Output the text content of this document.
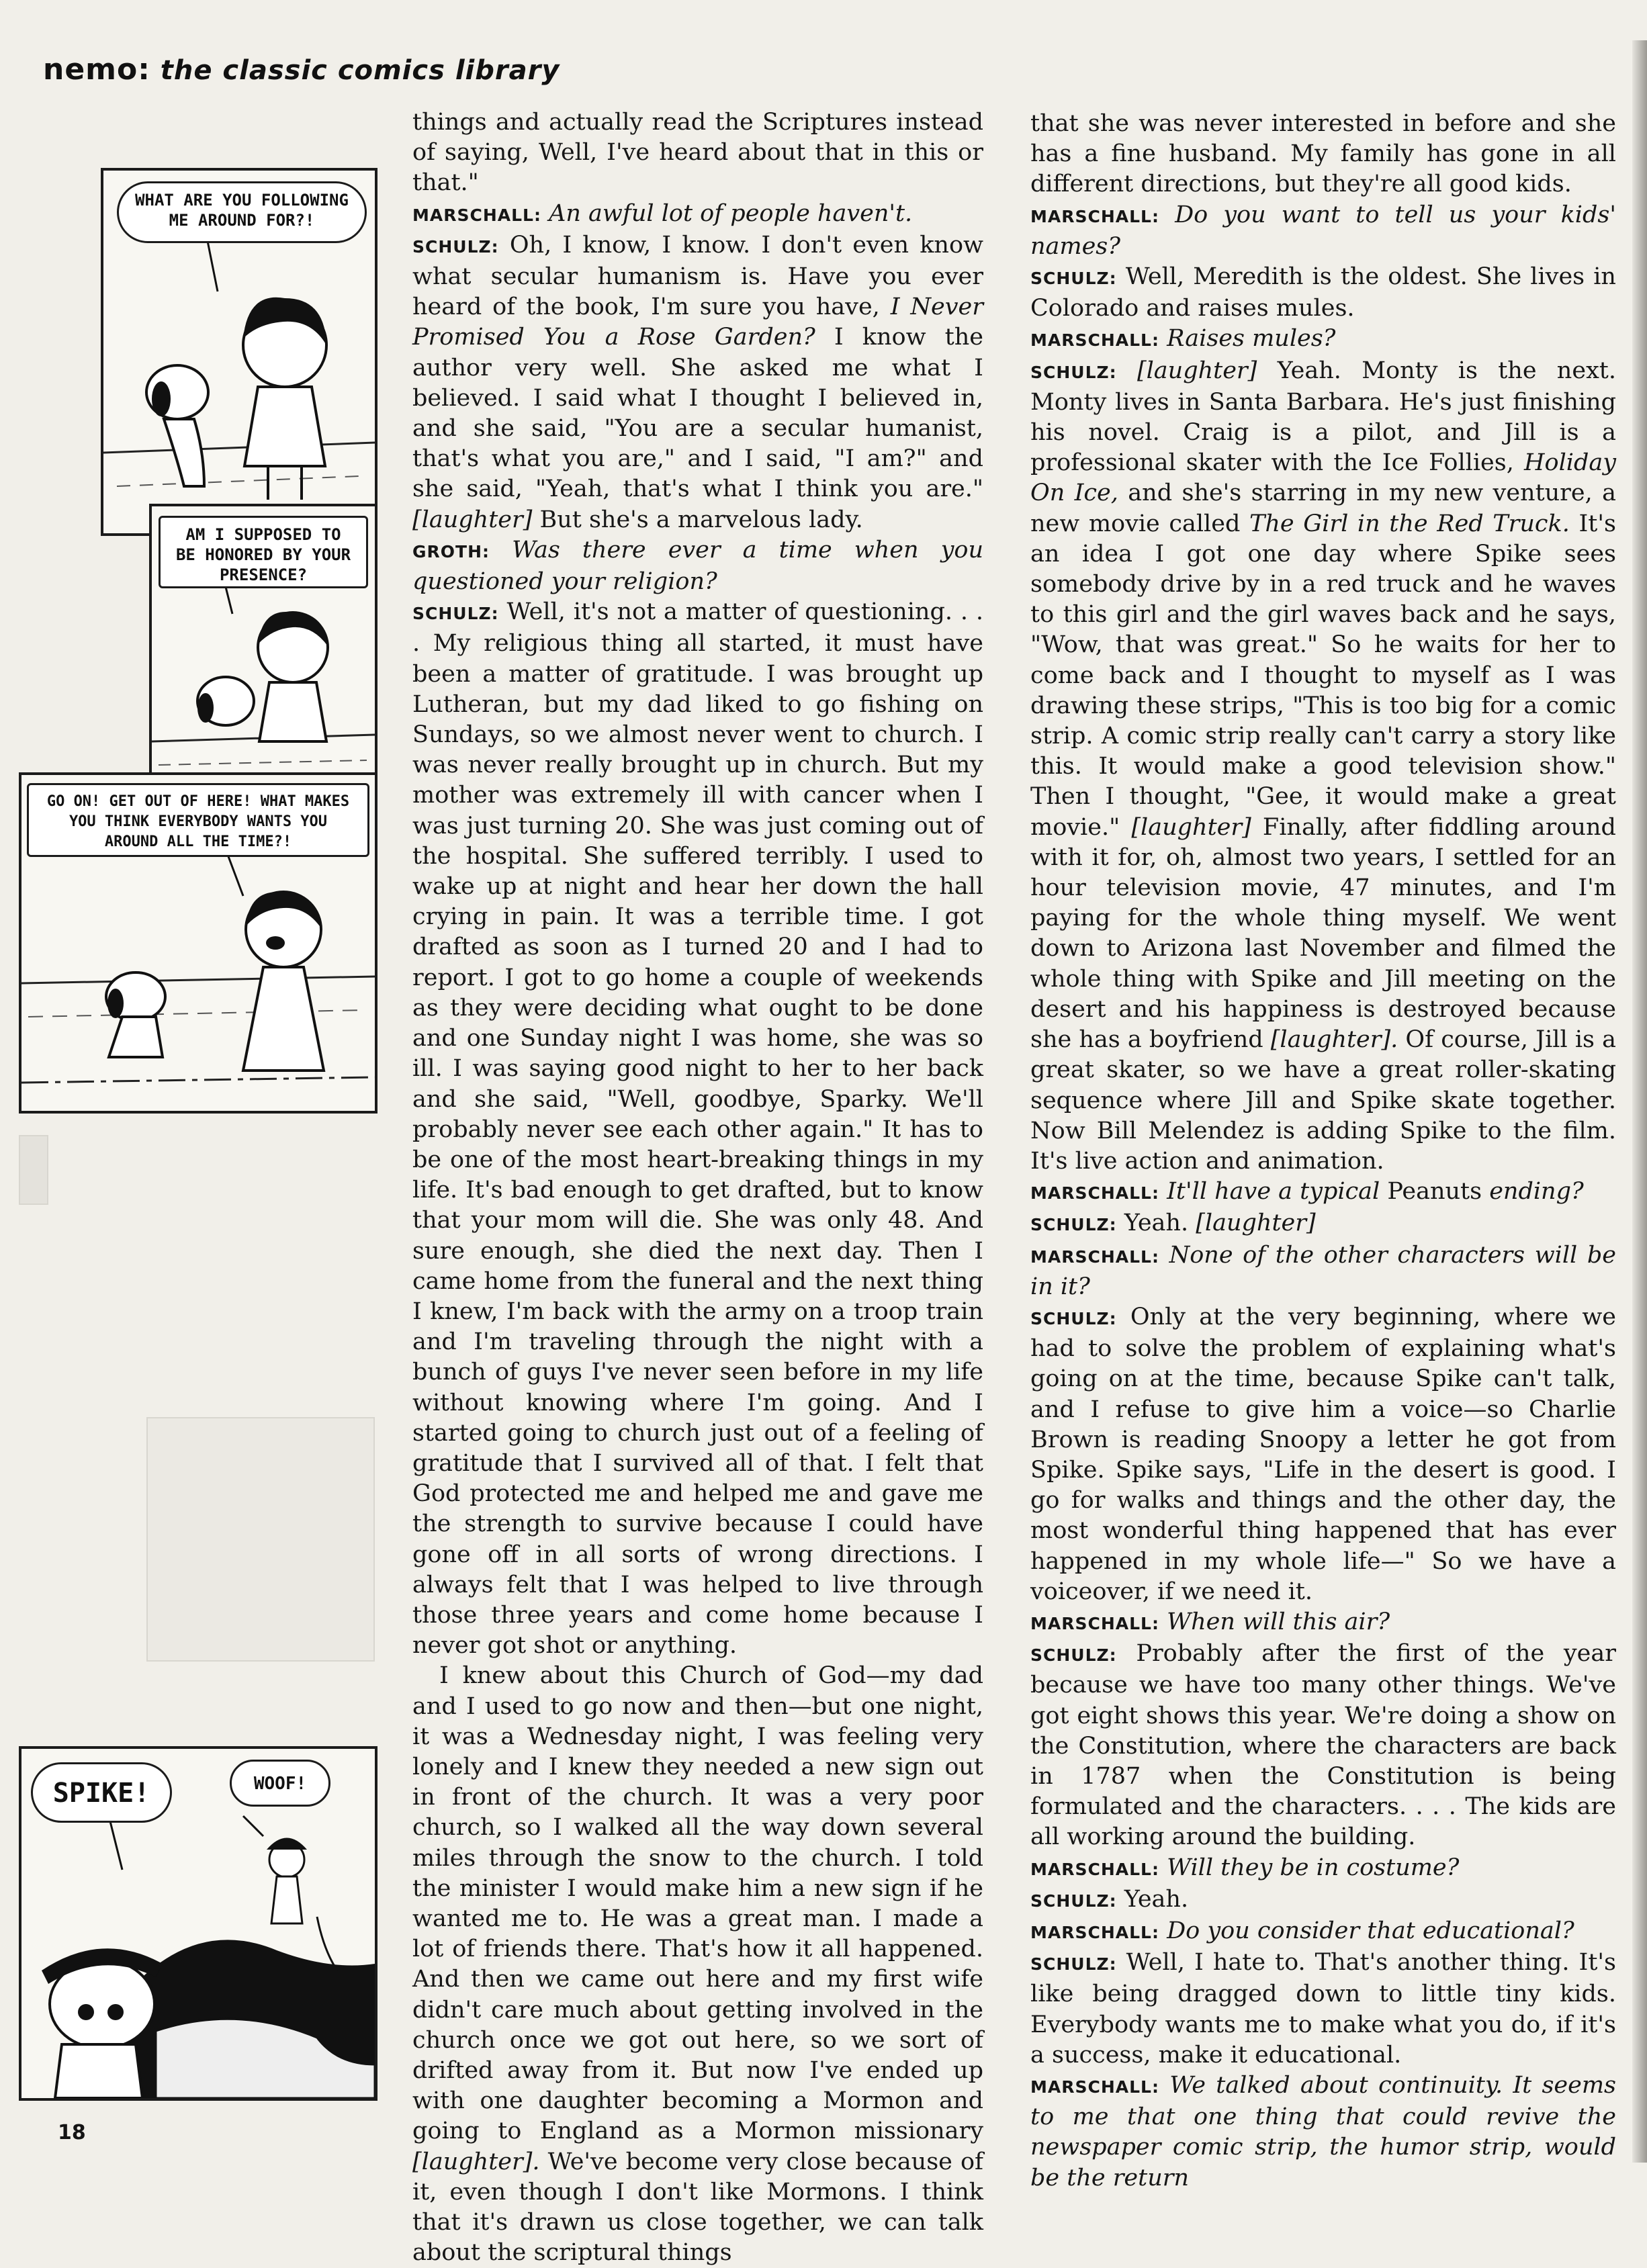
nemo: the classic comics library
WHAT ARE YOU FOLLOWING ME AROUND FOR?!
AM I SUPPOSED TO BE HONORED BY YOUR PRESENCE?
GO ON! GET OUT OF HERE! WHAT MAKES YOU THINK EVERYBODY WANTS YOU AROUND ALL THE TIME?!
SPIKE!	WOOF!

things and actually read the Scriptures instead of saying, Well, I've heard about that in this or that."

MARSCHALL: An awful lot of people haven't.

SCHULZ: Oh, I know, I know. I don't even know what secular humanism is. Have you ever heard of the book, I'm sure you have, I Never Promised You a Rose Garden? I know the author very well. She asked me what I believed. I said what I thought I believed in, and she said, "You are a secular humanist, that's what you are," and I said, "I am?" and she said, "Yeah, that's what I think you are." [laughter] But she's a marvelous lady.

GROTH: Was there ever a time when you questioned your religion?

SCHULZ: Well, it's not a matter of questioning. . . . My religious thing all started, it must have been a matter of gratitude. I was brought up Lutheran, but my dad liked to go fishing on Sundays, so we almost never went to church. I was never really brought up in church. But my mother was extremely ill with cancer when I was just turning 20. She was just coming out of the hospital. She suffered terribly. I used to wake up at night and hear her down the hall crying in pain. It was a terrible time. I got drafted as soon as I turned 20 and I had to report. I got to go home a couple of weekends as they were deciding what ought to be done and one Sunday night I was home, she was so ill. I was saying good night to her to her back and she said, "Well, goodbye, Sparky. We'll probably never see each other again." It has to be one of the most heart-breaking things in my life. It's bad enough to get drafted, but to know that your mom will die. She was only 48. And sure enough, she died the next day. Then I came home from the funeral and the next thing I knew, I'm back with the army on a troop train and I'm traveling through the night with a bunch of guys I've never seen before in my life without knowing where I'm going. And I started going to church just out of a feeling of gratitude that I survived all of that. I felt that God protected me and helped me and gave me the strength to survive because I could have gone off in all sorts of wrong directions. I always felt that I was helped to live through those three years and come home because I never got shot or anything.

I knew about this Church of God—my dad and I used to go now and then—but one night, it was a Wednesday night, I was feeling very lonely and I knew they needed a new sign out in front of the church. It was a very poor church, so I walked all the way down several miles through the snow to the church. I told the minister I would make him a new sign if he wanted me to. He was a great man. I made a lot of friends there. That's how it all happened. And then we came out here and my first wife didn't care much about getting involved in the church once we got out here, so we sort of drifted away from it. But now I've ended up with one daughter becoming a Mormon and going to England as a Mormon missionary [laughter]. We've become very close because of it, even though I don't like Mormons. I think that it's drawn us close together, we can talk about the scriptural things

that she was never interested in before and she has a fine husband. My family has gone in all different directions, but they're all good kids.

MARSCHALL: Do you want to tell us your kids' names?

SCHULZ: Well, Meredith is the oldest. She lives in Colorado and raises mules.

MARSCHALL: Raises mules?

SCHULZ: [laughter] Yeah. Monty is the next. Monty lives in Santa Barbara. He's just finishing his novel. Craig is a pilot, and Jill is a professional skater with the Ice Follies, Holiday On Ice, and she's starring in my new venture, a new movie called The Girl in the Red Truck. It's an idea I got one day where Spike sees somebody drive by in a red truck and he waves to this girl and the girl waves back and he says, "Wow, that was great." So he waits for her to come back and I thought to myself as I was drawing these strips, "This is too big for a comic strip. A comic strip really can't carry a story like this. It would make a good television show." Then I thought, "Gee, it would make a great movie." [laughter] Finally, after fiddling around with it for, oh, almost two years, I settled for an hour television movie, 47 minutes, and I'm paying for the whole thing myself. We went down to Arizona last November and filmed the whole thing with Spike and Jill meeting on the desert and his happiness is destroyed because she has a boyfriend [laughter]. Of course, Jill is a great skater, so we have a great roller-skating sequence where Jill and Spike skate together. Now Bill Melendez is adding Spike to the film. It's live action and animation.

MARSCHALL: It'll have a typical Peanuts ending?

SCHULZ: Yeah. [laughter]

MARSCHALL: None of the other characters will be in it?

SCHULZ: Only at the very beginning, where we had to solve the problem of explaining what's going on at the time, because Spike can't talk, and I refuse to give him a voice—so Charlie Brown is reading Snoopy a letter he got from Spike. Spike says, "Life in the desert is good. I go for walks and things and the other day, the most wonderful thing happened that has ever happened in my whole life—" So we have a voiceover, if we need it.

MARSCHALL: When will this air?

SCHULZ: Probably after the first of the year because we have too many other things. We've got eight shows this year. We're doing a show on the Constitution, where the characters are back in 1787 when the Constitution is being formulated and the characters. . . . The kids are all working around the building.

MARSCHALL: Will they be in costume?

SCHULZ: Yeah.

MARSCHALL: Do you consider that educational?

SCHULZ: Well, I hate to. That's another thing. It's like being dragged down to little tiny kids. Everybody wants me to make what you do, if it's a success, make it educational.

MARSCHALL: We talked about continuity. It seems to me that one thing that could revive the newspaper comic strip, the humor strip, would be the return

18
